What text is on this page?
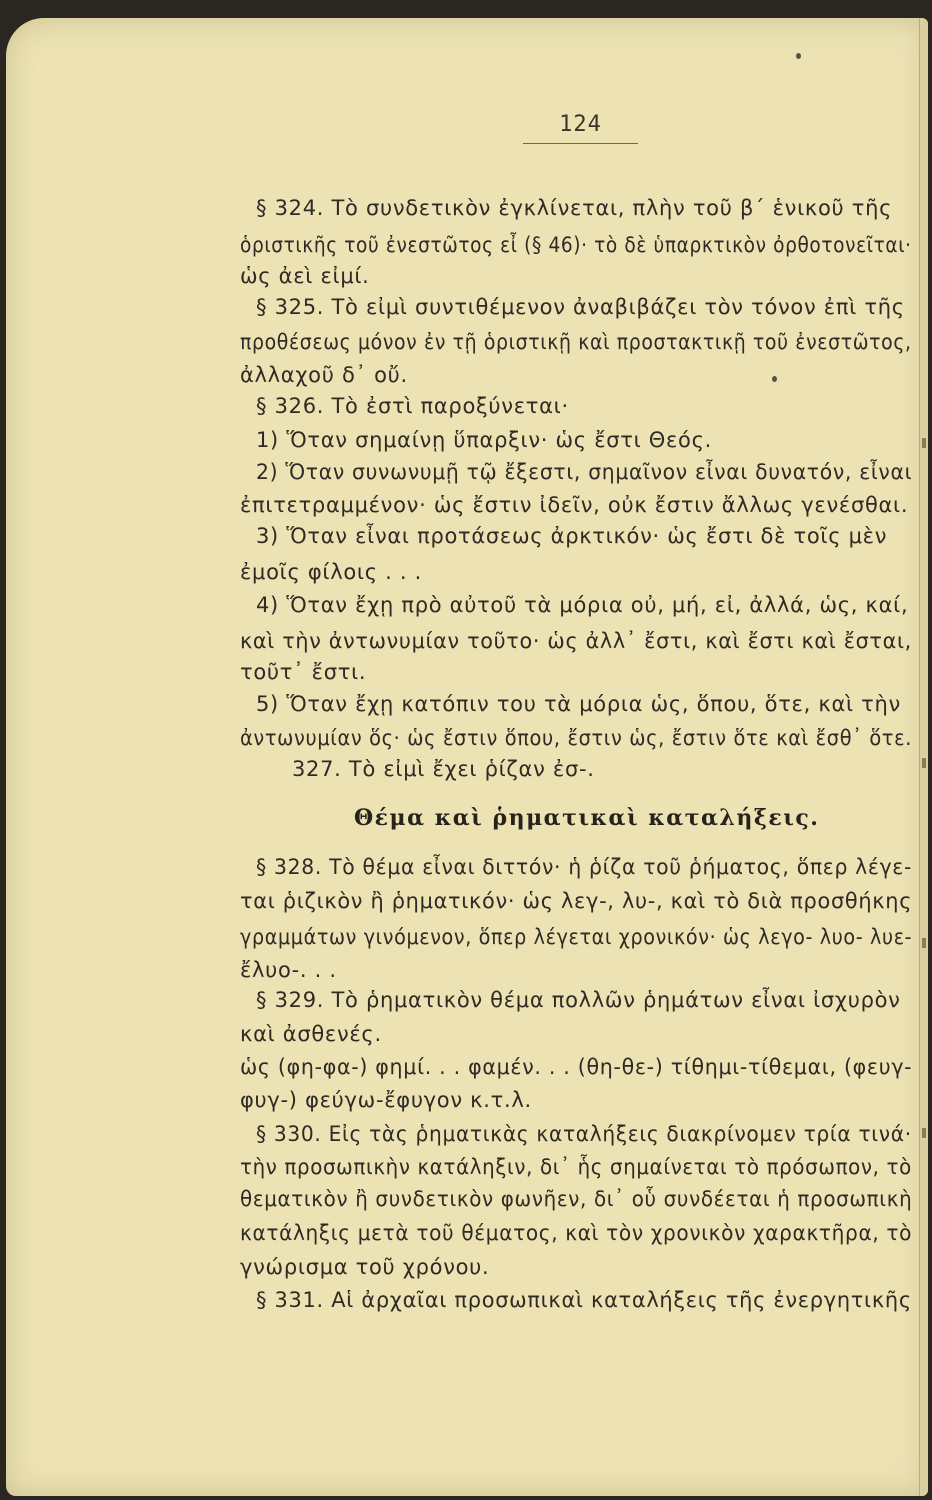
124
§ 324. Τὸ συνδετικὸν ἐγκλίνεται, πλὴν τοῦ β΄ ἑνικοῦ τῆς
ὁριστικῆς τοῦ ἐνεστῶτος εἶ (§ 46)· τὸ δὲ ὑπαρκτικὸν ὀρθοτονεῖται·
ὡς ἀεὶ εἰμί.
§ 325. Τὸ εἰμὶ συντιθέμενον ἀναβιβάζει τὸν τόνον ἐπὶ τῆς
προθέσεως μόνον ἐν τῇ ὁριστικῇ καὶ προστακτικῇ τοῦ ἐνεστῶτος,
ἀλλαχοῦ δ᾽ οὔ.
§ 326. Τὸ ἐστὶ παροξύνεται·
1) Ὅταν σημαίνῃ ὕπαρξιν· ὡς ἔστι Θεός.
2) Ὅταν συνωνυμῇ τῷ ἔξεστι, σημαῖνον εἶναι δυνατόν, εἶναι
ἐπιτετραμμένον· ὡς ἔστιν ἰδεῖν, οὐκ ἔστιν ἄλλως γενέσθαι.
3) Ὅταν εἶναι προτάσεως ἀρκτικόν· ὡς ἔστι δὲ τοῖς μὲν
ἐμοῖς φίλοις . . .
4) Ὅταν ἔχῃ πρὸ αὐτοῦ τὰ μόρια οὐ, μή, εἰ, ἀλλά, ὡς, καί,
καὶ τὴν ἀντωνυμίαν τοῦτο· ὡς ἀλλ᾽ ἔστι, καὶ ἔστι καὶ ἔσται,
τοῦτ᾽ ἔστι.
5) Ὅταν ἔχῃ κατόπιν του τὰ μόρια ὡς, ὅπου, ὅτε, καὶ τὴν
ἀντωνυμίαν ὅς· ὡς ἔστιν ὅπου, ἔστιν ὡς, ἔστιν ὅτε καὶ ἔσθ᾽ ὅτε.
327. Τὸ εἰμὶ ἔχει ῥίζαν ἐσ-.
Θέμα καὶ ῥηματικαὶ καταλήξεις.
§ 328. Τὸ θέμα εἶναι διττόν· ἡ ῥίζα τοῦ ῥήματος, ὅπερ λέγε-
ται ῥιζικὸν ἢ ῥηματικόν· ὡς λεγ-, λυ-, καὶ τὸ διὰ προσθήκης
γραμμάτων γινόμενον, ὅπερ λέγεται χρονικόν· ὡς λεγο- λυο- λυε-
ἔλυο-. . .
§ 329. Τὸ ῥηματικὸν θέμα πολλῶν ῥημάτων εἶναι ἰσχυρὸν
καὶ ἀσθενές.
ὡς (φη-φα-) φημί. . . φαμέν. . . (θη-θε-) τίθημι-τίθεμαι, (φευγ-
φυγ-) φεύγω-ἔφυγον κ.τ.λ.
§ 330. Εἰς τὰς ῥηματικὰς καταλήξεις διακρίνομεν τρία τινά·
τὴν προσωπικὴν κατάληξιν, δι᾽ ἧς σημαίνεται τὸ πρόσωπον, τὸ
θεματικὸν ἢ συνδετικὸν φωνῆεν, δι᾽ οὗ συνδέεται ἡ προσωπικὴ
κατάληξις μετὰ τοῦ θέματος, καὶ τὸν χρονικὸν χαρακτῆρα, τὸ
γνώρισμα τοῦ χρόνου.
§ 331. Αἱ ἀρχαῖαι προσωπικαὶ καταλήξεις τῆς ἐνεργητικῆς
